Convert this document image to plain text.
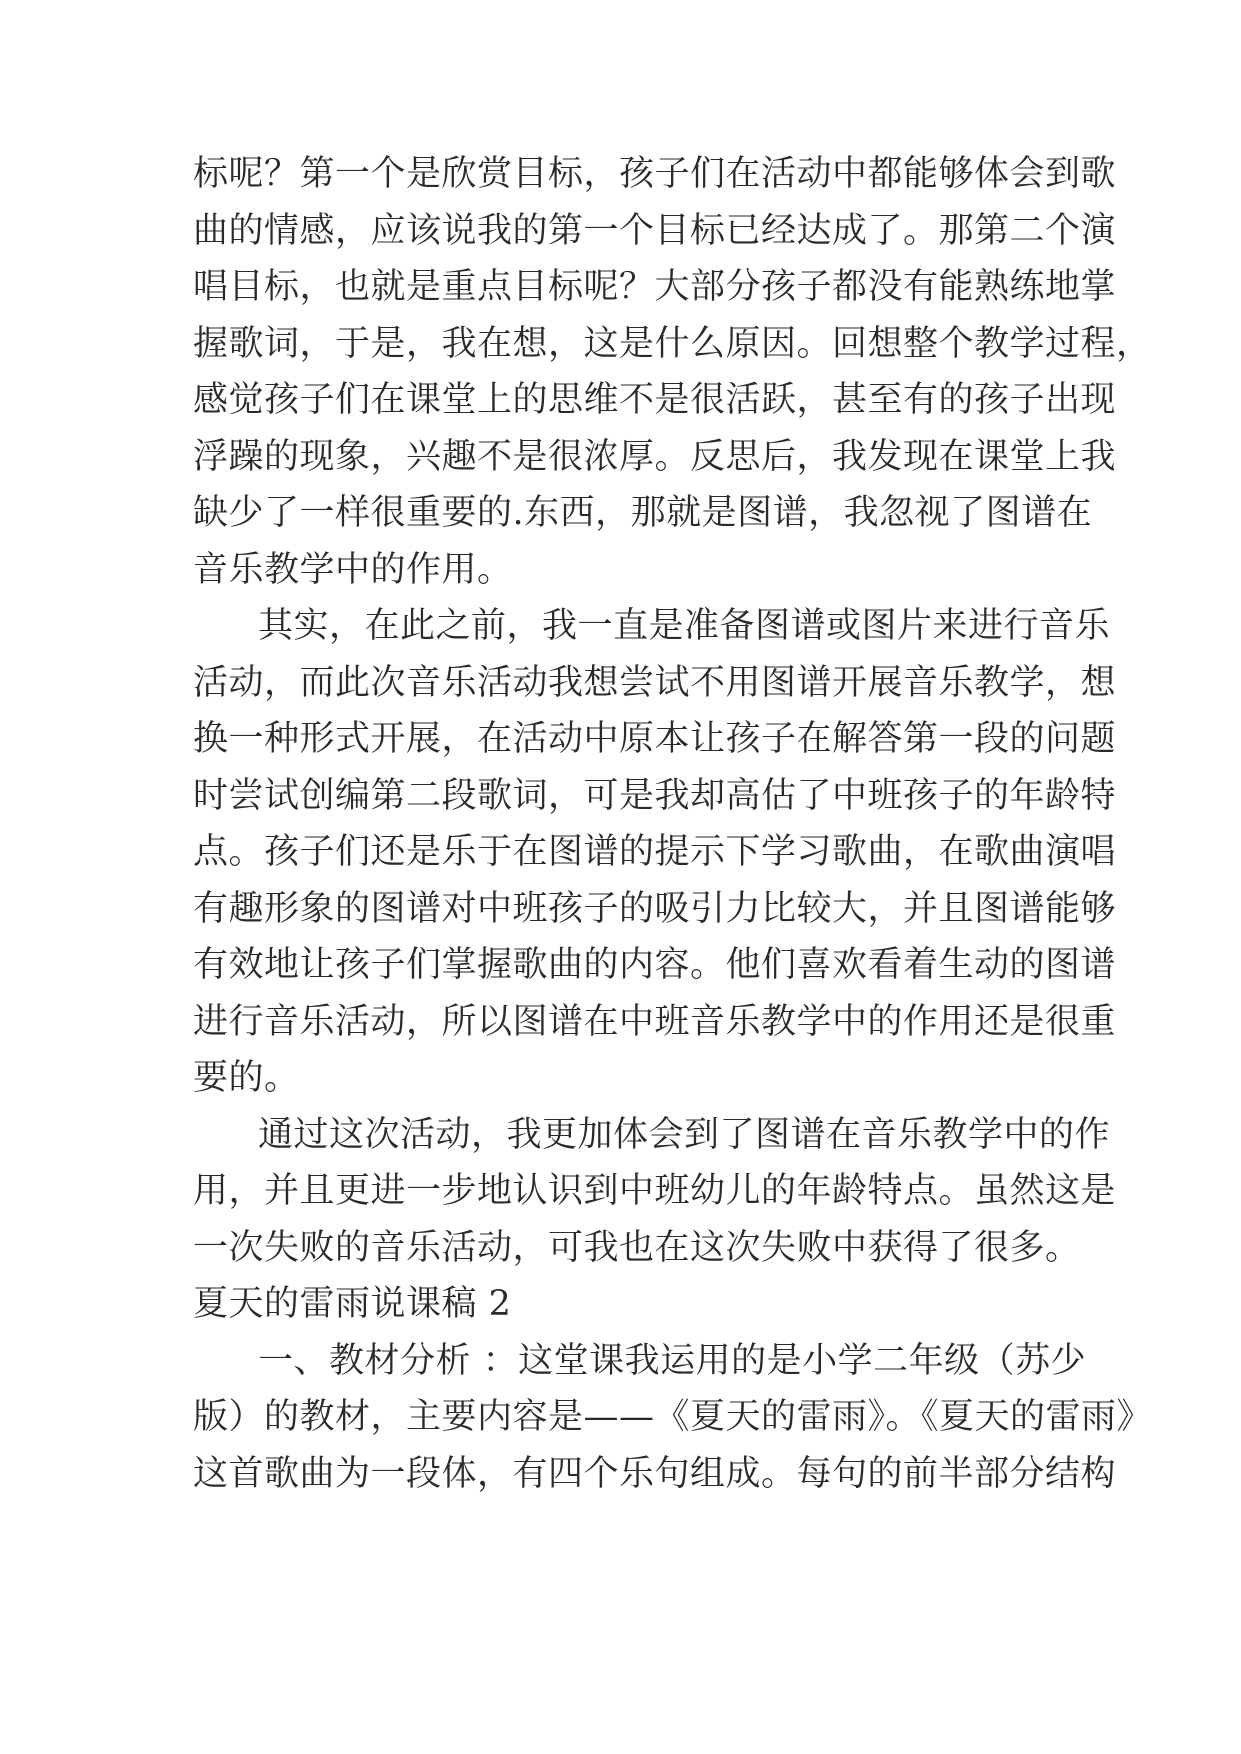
标呢？第一个是欣赏目标，孩子们在活动中都能够体会到歌
曲的情感，应该说我的第一个目标已经达成了。那第二个演
唱目标，也就是重点目标呢？大部分孩子都没有能熟练地掌
握歌词，于是，我在想，这是什么原因。回想整个教学过程，
感觉孩子们在课堂上的思维不是很活跃，甚至有的孩子出现
浮躁的现象，兴趣不是很浓厚。反思后，我发现在课堂上我
缺少了一样很重要的.东西，那就是图谱，我忽视了图谱在
音乐教学中的作用。
其实，在此之前，我一直是准备图谱或图片来进行音乐
活动，而此次音乐活动我想尝试不用图谱开展音乐教学，想
换一种形式开展，在活动中原本让孩子在解答第一段的问题
时尝试创编第二段歌词，可是我却高估了中班孩子的年龄特
点。孩子们还是乐于在图谱的提示下学习歌曲，在歌曲演唱
有趣形象的图谱对中班孩子的吸引力比较大，并且图谱能够
有效地让孩子们掌握歌曲的内容。他们喜欢看着生动的图谱
进行音乐活动，所以图谱在中班音乐教学中的作用还是很重
要的。
通过这次活动，我更加体会到了图谱在音乐教学中的作
用，并且更进一步地认识到中班幼儿的年龄特点。虽然这是
一次失败的音乐活动，可我也在这次失败中获得了很多。
夏天的雷雨说课稿 2
一、教材分析 ：这堂课我运用的是小学二年级（苏少
版）的教材，主要内容是——《夏天的雷雨》。《夏天的雷雨》
这首歌曲为一段体，有四个乐句组成。每句的前半部分结构
